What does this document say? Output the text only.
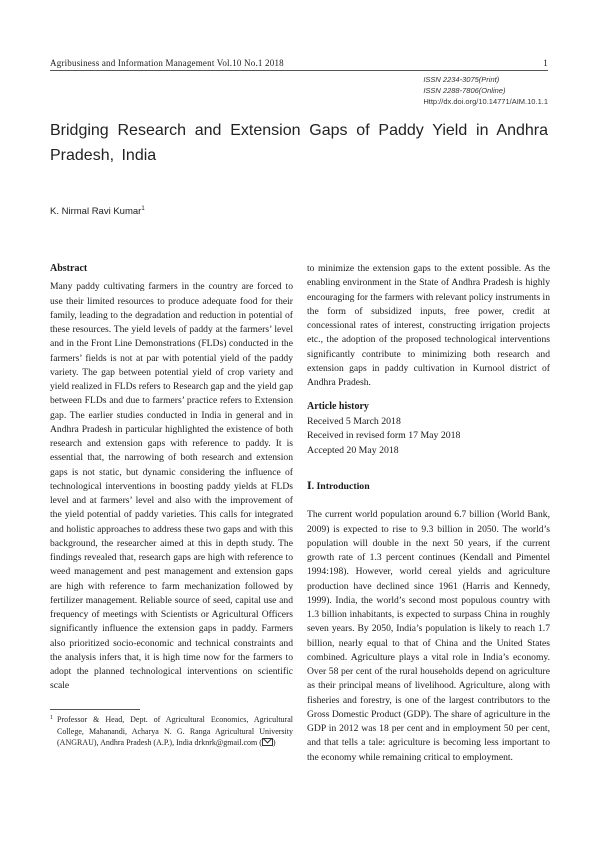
Agribusiness and Information Management Vol.10 No.1 2018	1
ISSN 2234-3075(Print)
ISSN 2288-7806(Online)
Http://dx.doi.org/10.14771/AIM.10.1.1
Bridging Research and Extension Gaps of Paddy Yield in Andhra Pradesh, India
K. Nirmal Ravi Kumar$^1$
Abstract

Many paddy cultivating farmers in the country are forced to use their limited resources to produce adequate food for their family, leading to the degradation and reduction in potential of these resources. The yield levels of paddy at the farmers’ level and in the Front Line Demonstrations (FLDs) conducted in the farmers’ fields is not at par with potential yield of the paddy variety. The gap between potential yield of crop variety and yield realized in FLDs refers to Research gap and the yield gap between FLDs and due to farmers’ practice refers to Extension gap. The earlier studies conducted in India in general and in Andhra Pradesh in particular highlighted the existence of both research and extension gaps with reference to paddy. It is essential that, the narrowing of both research and extension gaps is not static, but dynamic considering the influence of technological interventions in boosting paddy yields at FLDs level and at farmers’ level and also with the improvement of the yield potential of paddy varieties. This calls for integrated and holistic approaches to address these two gaps and with this background, the researcher aimed at this in depth study. The findings revealed that, research gaps are high with reference to weed management and pest management and extension gaps are high with reference to farm mechanization followed by fertilizer management. Reliable source of seed, capital use and frequency of meetings with Scientists or Agricultural Officers significantly influence the extension gaps in paddy. Farmers also prioritized socio-economic and technical constraints and the analysis infers that, it is high time now for the farmers to adopt the planned technological interventions on scientific scale

to minimize the extension gaps to the extent possible. As the enabling environment in the State of Andhra Pradesh is highly encouraging for the farmers with relevant policy instruments in the form of subsidized inputs, free power, credit at concessional rates of interest, constructing irrigation projects etc., the adoption of the proposed technological interventions significantly contribute to minimizing both research and extension gaps in paddy cultivation in Kurnool district of Andhra Pradesh.

Article history
Received 5 March 2018
Received in revised form 17 May 2018
Accepted 20 May 2018
Ⅰ. Introduction

The current world population around 6.7 billion (World Bank, 2009) is expected to rise to 9.3 billion in 2050. The world’s population will double in the next 50 years, if the current growth rate of 1.3 percent continues (Kendall and Pimentel 1994:198). However, world cereal yields and agriculture production have declined since 1961 (Harris and Kennedy, 1999). India, the world’s second most populous country with 1.3 billion inhabitants, is expected to surpass China in roughly seven years. By 2050, India’s population is likely to reach 1.7 billion, nearly equal to that of China and the United States combined. Agriculture plays a vital role in India’s economy. Over 58 per cent of the rural households depend on agriculture as their principal means of livelihood. Agriculture, along with fisheries and forestry, is one of the largest contributors to the Gross Domestic Product (GDP). The share of agriculture in the GDP in 2012 was 18 per cent and in employment 50 per cent, and that tells a tale: agriculture is becoming less important to the economy while remaining critical to employment.

1 Professor & Head, Dept. of Agricultural Economics, Agricultural College, Mahanandi, Acharya N. G. Ranga Agricultural University (ANGRAU), Andhra Pradesh (A.P.), India drknrk@gmail.com ( )
